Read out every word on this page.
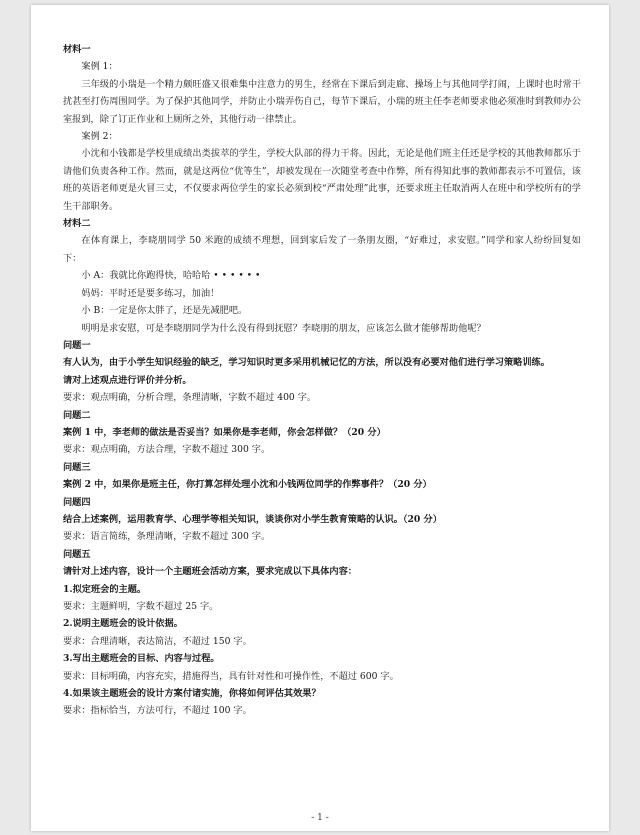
材料一

案例 1：

三年级的小瑞是一个精力颇旺盛又很难集中注意力的男生，经常在下课后到走廊、操场上与其他同学打闹，上课时也时常干扰甚至打伤周围同学。为了保护其他同学，并防止小瑞弄伤自己，每节下课后，小瑞的班主任李老师要求他必须准时到教师办公室报到，除了订正作业和上厕所之外，其他行动一律禁止。

案例 2：

小沈和小钱都是学校里成绩出类拔萃的学生，学校大队部的得力干将。因此，无论是他们班主任还是学校的其他教师都乐于请他们负责各种工作。然而，就是这两位“优等生”，却被发现在一次随堂考查中作弊，所有得知此事的教师都表示不可置信，该班的英语老师更是火冒三丈，不仅要求两位学生的家长必须到校“严肃处理”此事，还要求班主任取消两人在班中和学校所有的学生干部职务。

材料二

在体育课上，李晓朋同学 50 米跑的成绩不理想，回到家后发了一条朋友圈，“好难过，求安慰。”同学和家人纷纷回复如下：

小 A：我就比你跑得快，哈哈哈 • • • • • •

妈妈：平时还是要多练习，加油！

小 B：一定是你太胖了，还是先减肥吧。

明明是求安慰，可是李晓朋同学为什么没有得到抚慰？李晓朋的朋友，应该怎么做才能够帮助他呢？

问题一

有人认为，由于小学生知识经验的缺乏，学习知识时更多采用机械记忆的方法，所以没有必要对他们进行学习策略训练。

请对上述观点进行评价并分析。

要求：观点明确，分析合理，条理清晰，字数不超过 400 字。

问题二

案例 1 中，李老师的做法是否妥当？如果你是李老师，你会怎样做？（20 分）

要求：观点明确，方法合理，字数不超过 300 字。

问题三

案例 2 中，如果你是班主任，你打算怎样处理小沈和小钱两位同学的作弊事件？（20 分）

问题四

结合上述案例，运用教育学、心理学等相关知识，谈谈你对小学生教育策略的认识。（20 分）

要求：语言简练，条理清晰，字数不超过 300 字。

问题五

请针对上述内容，设计一个主题班会活动方案，要求完成以下具体内容：

1.拟定班会的主题。

要求：主题鲜明，字数不超过 25 字。

2.说明主题班会的设计依据。

要求：合理清晰，表达简洁，不超过 150 字。

3.写出主题班会的目标、内容与过程。

要求：目标明确，内容充实，措施得当，具有针对性和可操作性，不超过 600 字。

4.如果该主题班会的设计方案付诸实施，你将如何评估其效果？

要求：指标恰当，方法可行，不超过 100 字。

- 1 -
